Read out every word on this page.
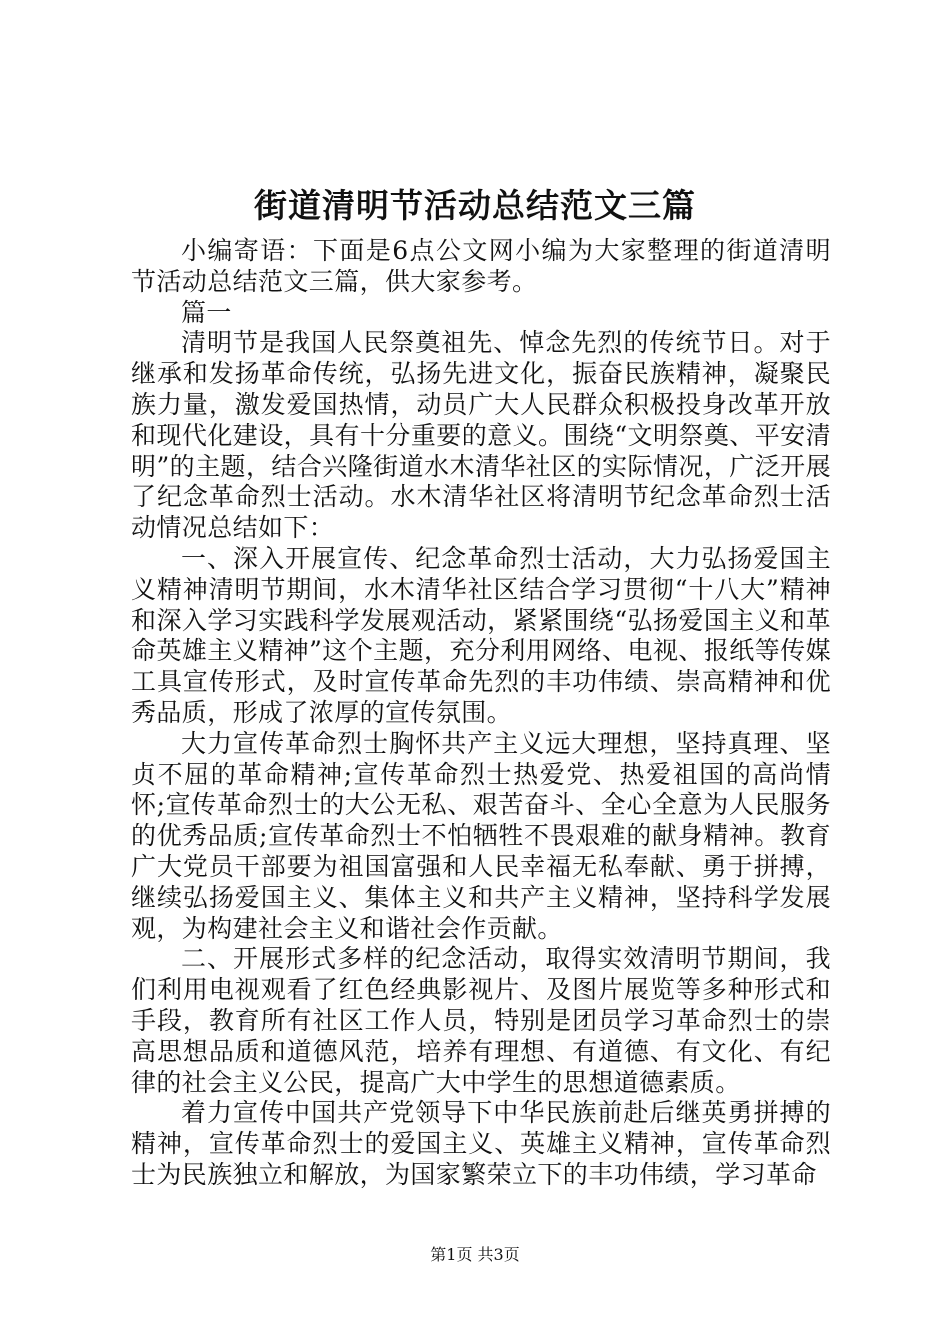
街道清明节活动总结范文三篇

小编寄语：下面是6点公文网小编为大家整理的街道清明节活动总结范文三篇，供大家参考。

篇一

清明节是我国人民祭奠祖先、悼念先烈的传统节日。对于继承和发扬革命传统，弘扬先进文化，振奋民族精神，凝聚民族力量，激发爱国热情，动员广大人民群众积极投身改革开放和现代化建设，具有十分重要的意义。围绕“文明祭奠、平安清明”的主题，结合兴隆街道水木清华社区的实际情况，广泛开展了纪念革命烈士活动。水木清华社区将清明节纪念革命烈士活动情况总结如下：

一、深入开展宣传、纪念革命烈士活动，大力弘扬爱国主义精神清明节期间，水木清华社区结合学习贯彻“十八大”精神和深入学习实践科学发展观活动，紧紧围绕“弘扬爱国主义和革命英雄主义精神”这个主题，充分利用网络、电视、报纸等传媒工具宣传形式，及时宣传革命先烈的丰功伟绩、崇高精神和优秀品质，形成了浓厚的宣传氛围。

大力宣传革命烈士胸怀共产主义远大理想，坚持真理、坚贞不屈的革命精神;宣传革命烈士热爱党、热爱祖国的高尚情怀;宣传革命烈士的大公无私、艰苦奋斗、全心全意为人民服务的优秀品质;宣传革命烈士不怕牺牲不畏艰难的献身精神。教育广大党员干部要为祖国富强和人民幸福无私奉献、勇于拼搏，继续弘扬爱国主义、集体主义和共产主义精神，坚持科学发展观，为构建社会主义和谐社会作贡献。

二、开展形式多样的纪念活动，取得实效清明节期间，我们利用电视观看了红色经典影视片、及图片展览等多种形式和手段，教育所有社区工作人员，特别是团员学习革命烈士的崇高思想品质和道德风范，培养有理想、有道德、有文化、有纪律的社会主义公民，提高广大中学生的思想道德素质。

着力宣传中国共产党领导下中华民族前赴后继英勇拼搏的精神，宣传革命烈士的爱国主义、英雄主义精神，宣传革命烈士为民族独立和解放，为国家繁荣立下的丰功伟绩，学习革命

第1页 共3页
